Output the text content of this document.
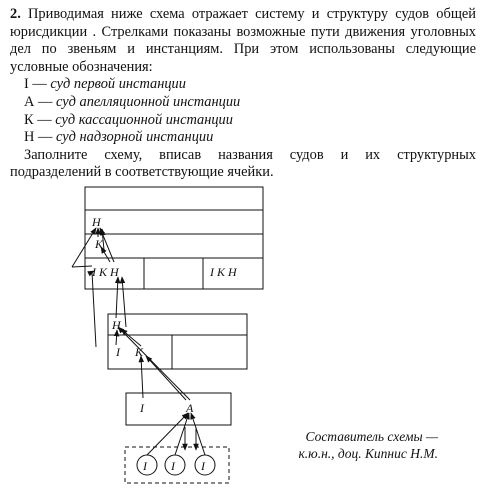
2. Приводимая ниже схема отражает систему и структуру судов общей юрисдикции . Стрелками показаны возможные пути движения уголовных дел по звеньям и инстанциям. При этом использованы следующие условные обозначения:

I — суд первой инстанции

А — суд апелляционной инстанции

К — суд кассационной инстанции

Н — суд надзорной инстанции

Заполните схему, вписав названия судов и их структурных подразделений в соответствующие ячейки.

Н
К
I К Н	I К Н
Н
I К
I	А
I I I
Составитель схемы —
к.ю.н., доц. Кипнис Н.М.
